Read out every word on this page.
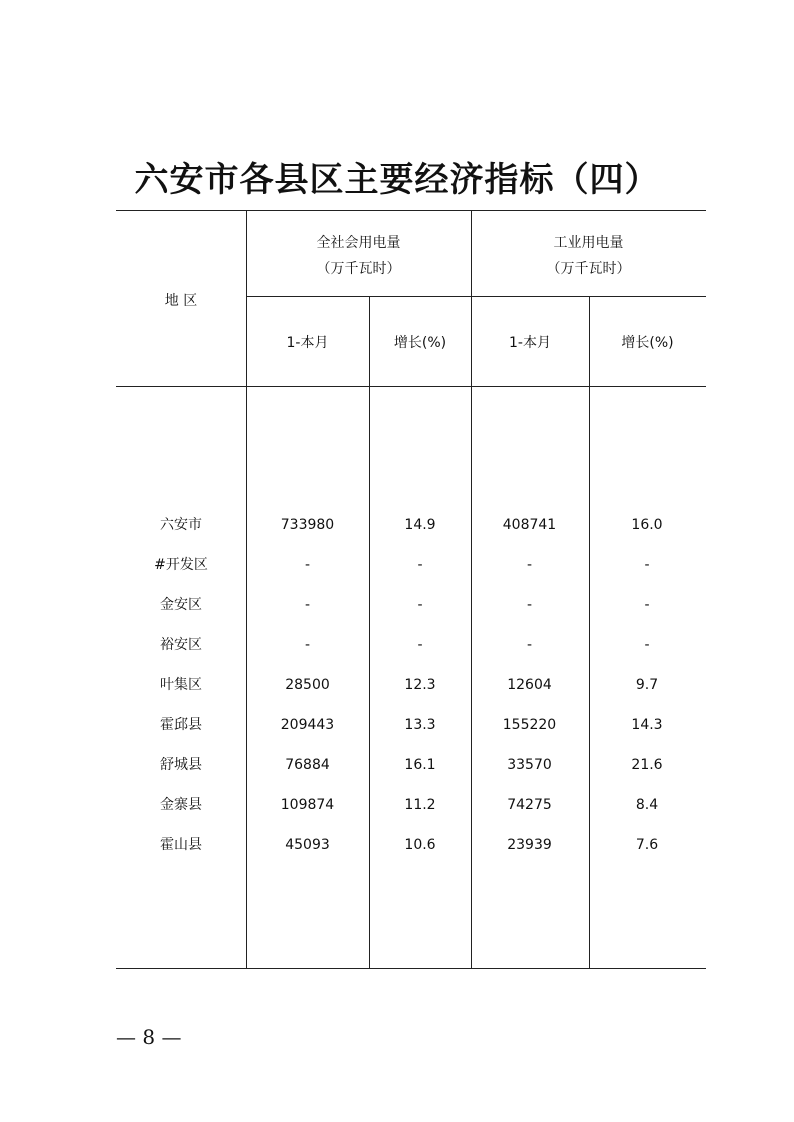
六安市各县区主要经济指标（四）
地 区
全社会用电量
（万千瓦时）
工业用电量
（万千瓦时）
1-本月	增长(%)	1-本月	增长(%)
六安市	733980	14.9	408741	16.0
#开发区	-	-	-	-
金安区	-	-	-	-
裕安区	-	-	-	-
叶集区	28500	12.3	12604	9.7
霍邱县	209443	13.3	155220	14.3
舒城县	76884	16.1	33570	21.6
金寨县	109874	11.2	74275	8.4
霍山县	45093	10.6	23939	7.6
— 8 —
